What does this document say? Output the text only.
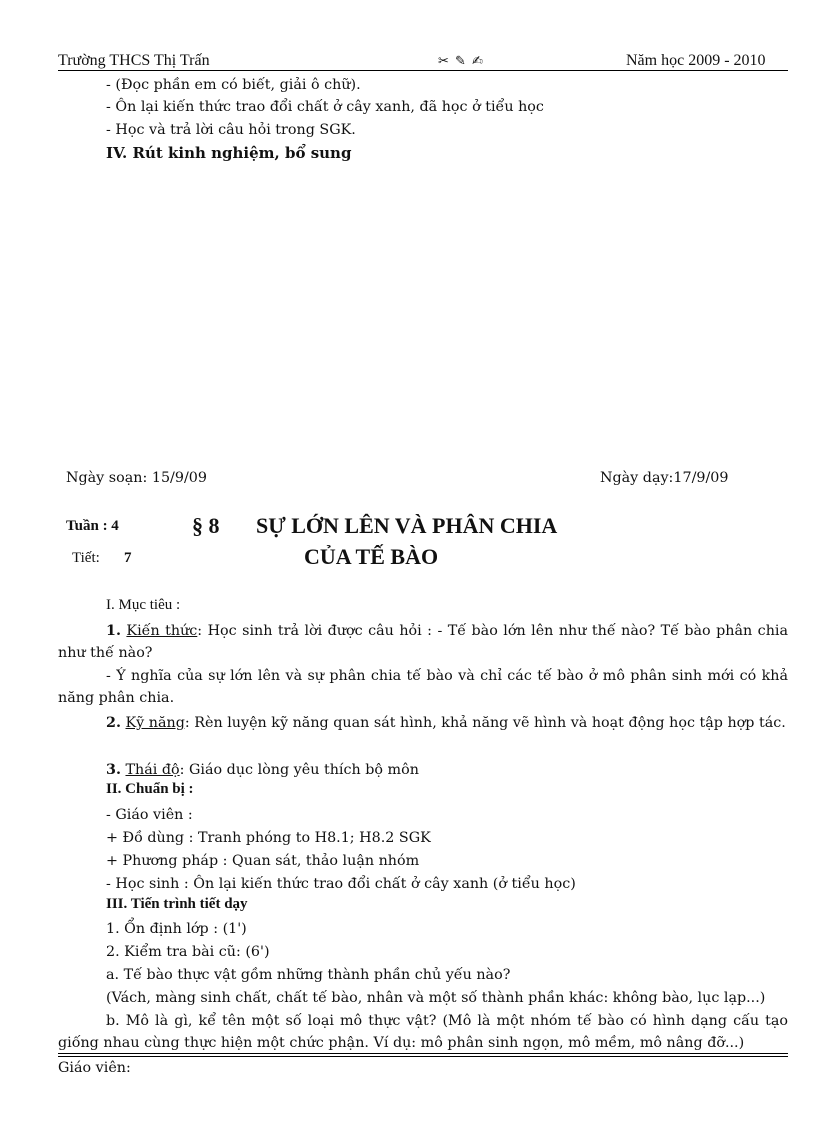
Trường THCS Thị Trấn	✂ ✎ ✍	Năm học 2009 - 2010
- (Đọc phần em có biết, giải ô chữ).
- Ôn lại kiến thức trao đổi chất ở cây xanh, đã học ở tiểu học
- Học và trả lời câu hỏi trong SGK.
IV. Rút kinh nghiệm, bổ sung
Ngày soạn: 15/9/09	Ngày dạy:17/9/09
Tuần : 4
Tiết: 7
§ 8 SỰ LỚN LÊN VÀ PHÂN CHIA
CỦA TẾ BÀO
I. Mục tiêu :
1. Kiến thức: Học sinh trả lời được câu hỏi : - Tế bào lớn lên như thế nào? Tế bào phân chia như thế nào?
- Ý nghĩa của sự lớn lên và sự phân chia tế bào và chỉ các tế bào ở mô phân sinh mới có khả năng phân chia.
2. Kỹ năng: Rèn luyện kỹ năng quan sát hình, khả năng vẽ hình và hoạt động học tập hợp tác.
3. Thái độ: Giáo dục lòng yêu thích bộ môn
II. Chuẩn bị :
- Giáo viên :
+ Đồ dùng : Tranh phóng to H8.1; H8.2 SGK
+ Phương pháp : Quan sát, thảo luận nhóm
- Học sinh : Ôn lại kiến thức trao đổi chất ở cây xanh (ở tiểu học)
III. Tiến trình tiết dạy
1. Ổn định lớp : (1')
2. Kiểm tra bài cũ: (6')
a. Tế bào thực vật gồm những thành phần chủ yếu nào?
(Vách, màng sinh chất, chất tế bào, nhân và một số thành phần khác: không bào, lục lạp...)
b. Mô là gì, kể tên một số loại mô thực vật? (Mô là một nhóm tế bào có hình dạng cấu tạo giống nhau cùng thực hiện một chức phận. Ví dụ: mô phân sinh ngọn, mô mềm, mô nâng đỡ...)
Giáo viên:
